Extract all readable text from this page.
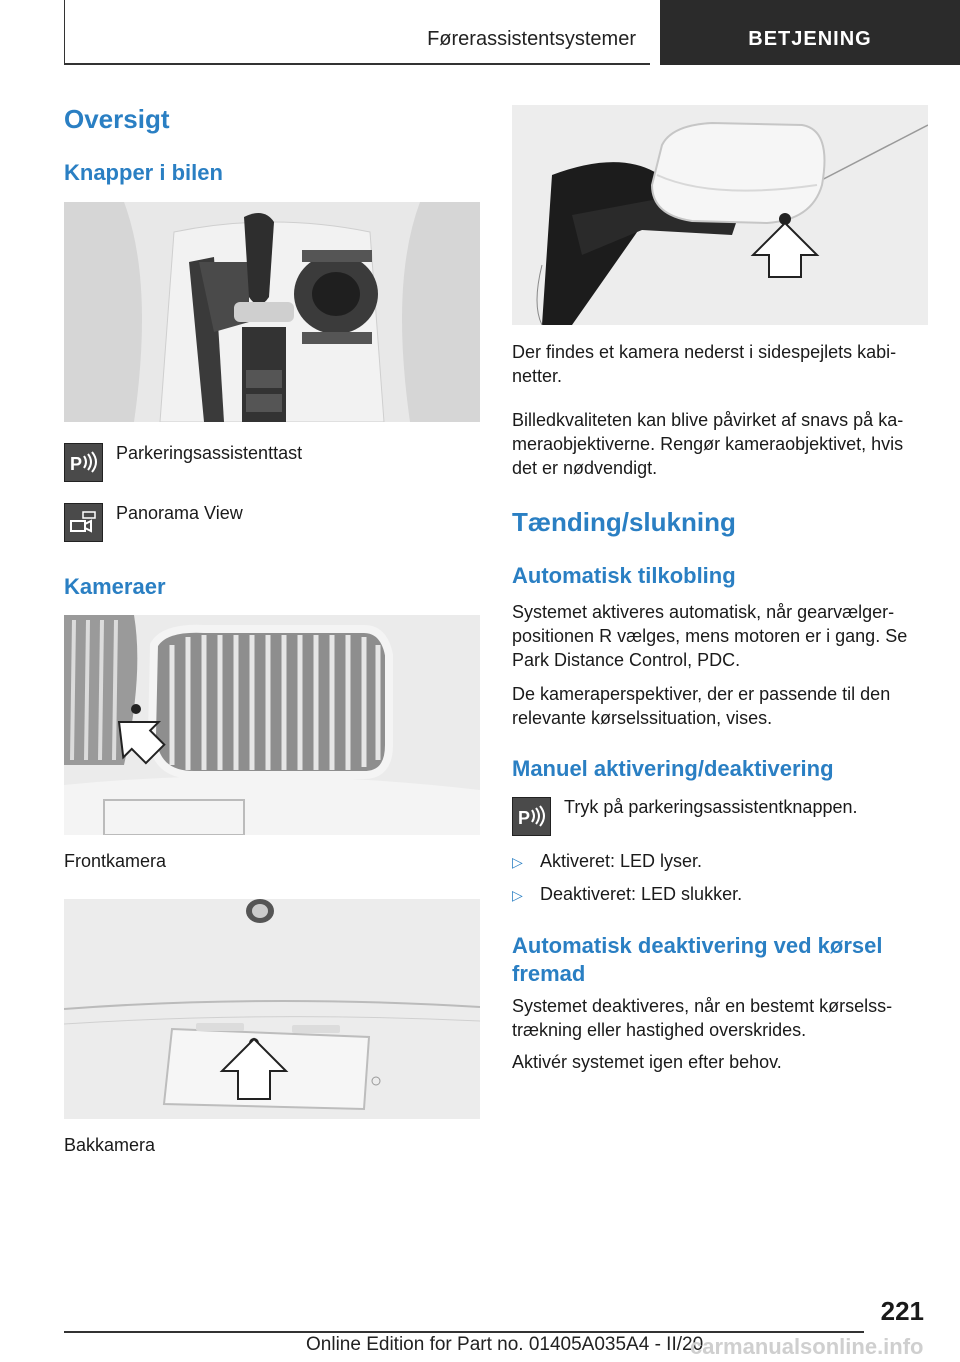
Førerassistentsystemer	BETJENING
Oversigt
Knapper i bilen
P
Parkeringsassistenttast
Panorama View
Kameraer
Frontkamera
Bakkamera
Der findes et kamera nederst i sidespejlets kabi-netter.
Billedkvaliteten kan blive påvirket af snavs på ka-meraobjektiverne. Rengør kameraobjektivet, hvis det er nødvendigt.
Tænding/slukning
Automatisk tilkobling
Systemet aktiveres automatisk, når gearvælger-positionen R vælges, mens motoren er i gang. Se Park Distance Control, PDC.
De kameraperspektiver, der er passende til den relevante kørselssituation, vises.
Manuel aktivering/deaktivering
P
Tryk på parkeringsassistentknappen.
▷ Aktiveret: LED lyser.
▷ Deaktiveret: LED slukker.
Automatisk deaktivering ved kørsel fremad
Systemet deaktiveres, når en bestemt kørselss-trækning eller hastighed overskrides.
Aktivér systemet igen efter behov.
221
Online Edition for Part no. 01405A035A4 - II/20
carmanualsonline.info
